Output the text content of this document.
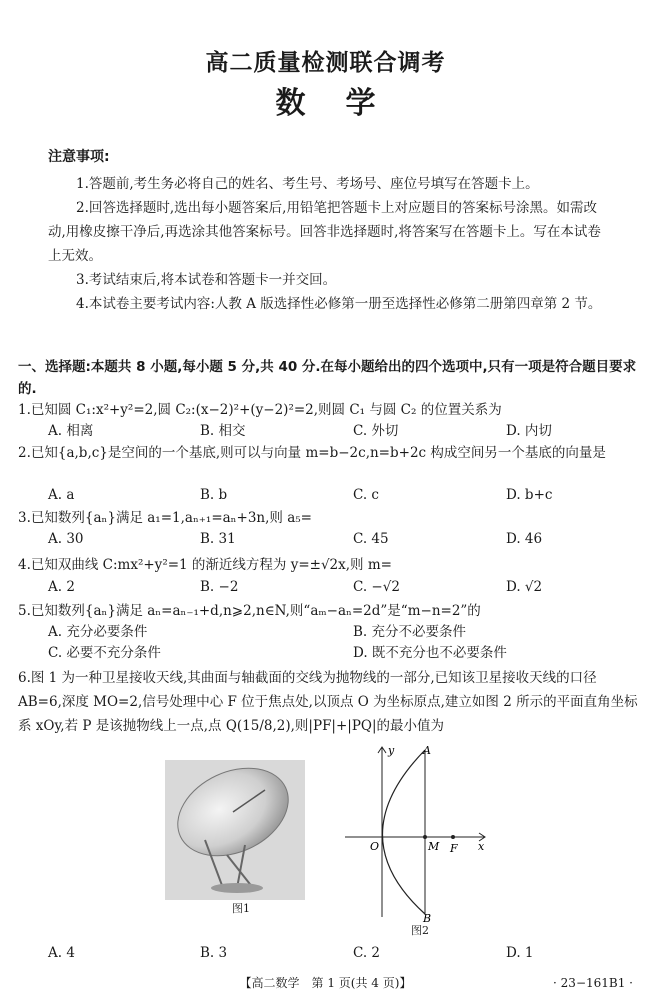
高二质量检测联合调考
数学
注意事项:
1.答题前,考生务必将自己的姓名、考生号、考场号、座位号填写在答题卡上。
2.回答选择题时,选出每小题答案后,用铅笔把答题卡上对应题目的答案标号涂黑。如需改动,用橡皮擦干净后,再选涂其他答案标号。回答非选择题时,将答案写在答题卡上。写在本试卷上无效。
3.考试结束后,将本试卷和答题卡一并交回。
4.本试卷主要考试内容:人教 A 版选择性必修第一册至选择性必修第二册第四章第 2 节。
一、选择题:本题共 8 小题,每小题 5 分,共 40 分.在每小题给出的四个选项中,只有一项是符合题目要求的.
1.已知圆 C₁:x²+y²=2,圆 C₂:(x−2)²+(y−2)²=2,则圆 C₁ 与圆 C₂ 的位置关系为
A. 相离	B. 相交	C. 外切	D. 内切
2.已知{a,b,c}是空间的一个基底,则可以与向量 m=b−2c,n=b+2c 构成空间另一个基底的向量是
A. a	B. b	C. c	D. b+c
3.已知数列{aₙ}满足 a₁=1,aₙ₊₁=aₙ+3n,则 a₅=
A. 30	B. 31	C. 45	D. 46
4.已知双曲线 C:mx²+y²=1 的渐近线方程为 y=±√2x,则 m=
A. 2	B. −2	C. −√2	D. √2
5.已知数列{aₙ}满足 aₙ=aₙ₋₁+d,n⩾2,n∈N,则“aₘ−aₙ=2d”是“m−n=2”的
A. 充分必要条件	B. 充分不必要条件
C. 必要不充分条件	D. 既不充分也不必要条件
6.图 1 为一种卫星接收天线,其曲面与轴截面的交线为抛物线的一部分,已知该卫星接收天线的口径 AB=6,深度 MO=2,信号处理中心 F 位于焦点处,以顶点 O 为坐标原点,建立如图 2 所示的平面直角坐标系 xOy,若 P 是该抛物线上一点,点 Q(15/8,2),则|PF|+|PQ|的最小值为
图1
y
x
O	M F
A
B
图2
A. 4	B. 3	C. 2	D. 1
【高二数学　第 1 页(共 4 页)】	· 23−161B1 ·
